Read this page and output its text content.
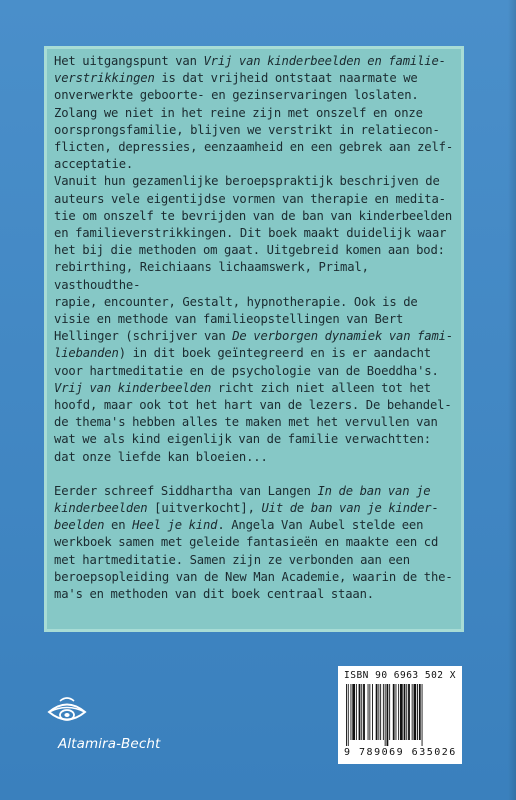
Het uitgangspunt van Vrij van kinderbeelden en familie-
verstrikkingen is dat vrijheid ontstaat naarmate we
onverwerkte geboorte- en gezinservaringen loslaten.
Zolang we niet in het reine zijn met onszelf en onze
oorsprongsfamilie, blijven we verstrikt in relatiecon-
flicten, depressies, eenzaamheid en een gebrek aan zelf-
acceptatie.
Vanuit hun gezamenlijke beroepspraktijk beschrijven de
auteurs vele eigentijdse vormen van therapie en medita-
tie om onszelf te bevrijden van de ban van kinderbeelden
en familieverstrikkingen. Dit boek maakt duidelijk waar
het bij die methoden om gaat. Uitgebreid komen aan bod:
rebirthing, Reichiaans lichaamswerk, Primal, vasthoudthe-
rapie, encounter, Gestalt, hypnotherapie. Ook is de
visie en methode van familieopstellingen van Bert
Hellinger (schrijver van De verborgen dynamiek van fami-
liebanden) in dit boek geïntegreerd en is er aandacht
voor hartmeditatie en de psychologie van de Boeddha's.
Vrij van kinderbeelden richt zich niet alleen tot het
hoofd, maar ook tot het hart van de lezers. De behandel-
de thema's hebben alles te maken met het vervullen van
wat we als kind eigenlijk van de familie verwachtten:
dat onze liefde kan bloeien...

Eerder schreef Siddhartha van Langen In de ban van je
kinderbeelden [uitverkocht], Uit de ban van je kinder-
beelden en Heel je kind. Angela Van Aubel stelde een
werkboek samen met geleide fantasieën en maakte een cd
met hartmeditatie. Samen zijn ze verbonden aan een
beroepsopleiding van de New Man Academie, waarin de the-
ma's en methoden van dit boek centraal staan.

Altamira-Becht
ISBN 90 6963 502 X
9 789069 635026
